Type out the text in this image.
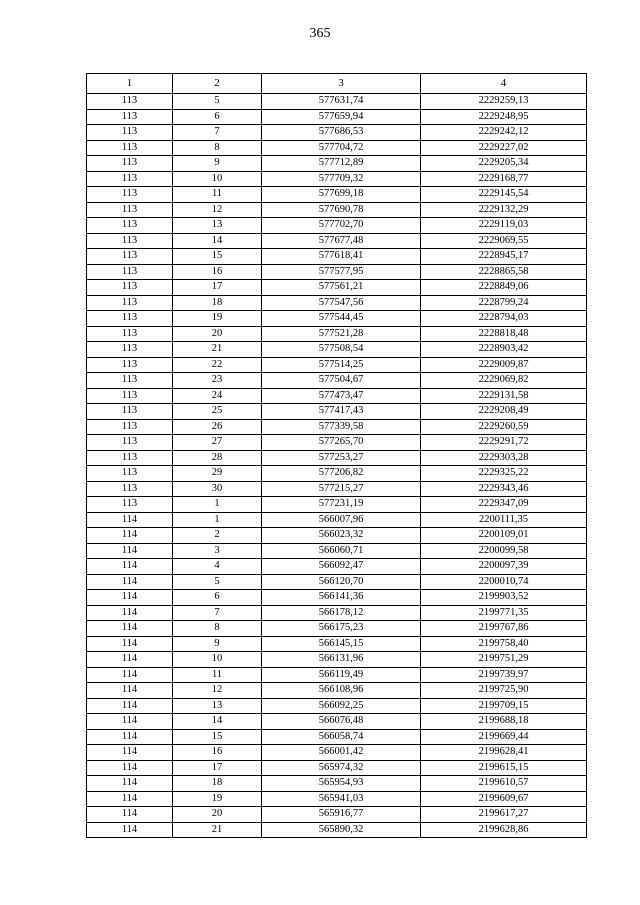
365
1	2	3	4
113	5	577631,74	2229259,13
113	6	577659,94	2229248,95
113	7	577686,53	2229242,12
113	8	577704,72	2229227,02
113	9	577712,89	2229205,34
113	10	577709,32	2229168,77
113	11	577699,18	2229145,54
113	12	577690,78	2229132,29
113	13	577702,70	2229119,03
113	14	577677,48	2229069,55
113	15	577618,41	2228945,17
113	16	577577,95	2228865,58
113	17	577561,21	2228849,06
113	18	577547,56	2228799,24
113	19	577544,45	2228794,03
113	20	577521,28	2228818,48
113	21	577508,54	2228903,42
113	22	577514,25	2229009,87
113	23	577504,67	2229069,82
113	24	577473,47	2229131,58
113	25	577417,43	2229208,49
113	26	577339,58	2229260,59
113	27	577265,70	2229291,72
113	28	577253,27	2229303,28
113	29	577206,82	2229325,22
113	30	577215,27	2229343,46
113	1	577231,19	2229347,09
114	1	566007,96	2200111,35
114	2	566023,32	2200109,01
114	3	566060,71	2200099,58
114	4	566092,47	2200097,39
114	5	566120,70	2200010,74
114	6	566141,36	2199903,52
114	7	566178,12	2199771,35
114	8	566175,23	2199767,86
114	9	566145,15	2199758,40
114	10	566131,96	2199751,29
114	11	566119,49	2199739,97
114	12	566108,96	2199725,90
114	13	566092,25	2199709,15
114	14	566076,48	2199688,18
114	15	566058,74	2199669,44
114	16	566001,42	2199628,41
114	17	565974,32	2199615,15
114	18	565954,93	2199610,57
114	19	565941,03	2199609,67
114	20	565916,77	2199617,27
114	21	565890,32	2199628,86
